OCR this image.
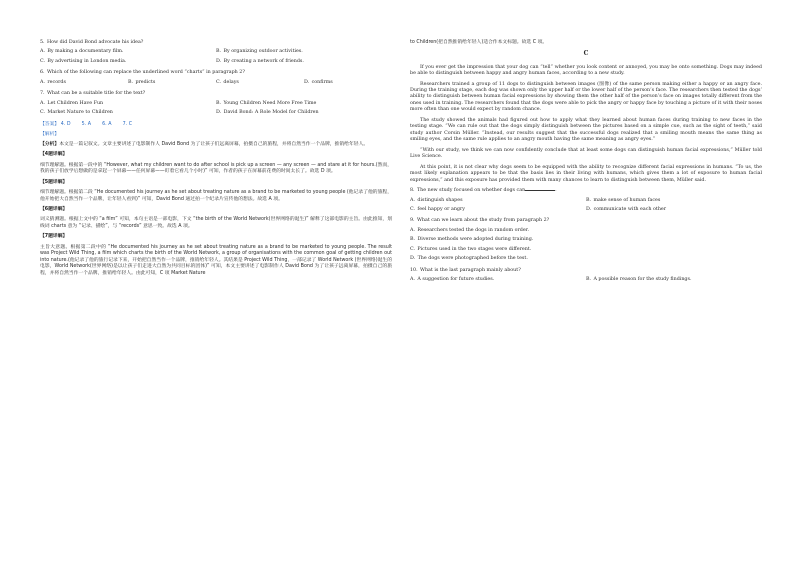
5. How did David Bond advocate his idea?
A. By making a documentary film.	B. By organizing outdoor activities.
C. By advertising in London media.	D. By creating a network of friends.
6. Which of the following can replace the underlined word “charts” in paragraph 2?
A. records	B. predicts	C. delays	D. confirms
7. What can be a suitable title for the text?
A. Let Children Have Fun	B. Young Children Need More Free Time
C. Market Nature to Children	D. David Bond: A Role Model for Children
【答案】 4. D   5. A   6. A   7. C
【解析】
【分析】本文是一篇记叙文。文章主要讲述了电影制作人 David Bond 为了让孩子们远离屏幕，拍摄自己的旅程，并将自然当作一个品牌，推销给年轻人。
【4题详解】
细节理解题。根据第一段中的 “However, what my children want to do after school is pick up a screen — any screen — and stare at it for hours.(然而，我的孩子们放学后想做的是拿起一个屏幕——任何屏幕——盯着它看几个小时)” 可知，作者的孩子在屏幕前花费的时间太长了。故选 D 项。
【5题详解】
细节理解题。根据第二段 “He documented his journey as he set about treating nature as a brand to be marketed to young people (他记录了他的旅程，他开始把大自然当作一个品牌，让年轻人看到)” 可知，David Bond 通过拍一个纪录片宣传他的想法。故选 A 项。
【6题详解】
词义猜测题。根据上文中的 “a film” 可知，本句主语是一部电影，下文 “the birth of the World Network(世界网络的诞生)” 解释了这部电影的主旨。由此推知，划线词 charts 意为 “记录、描绘”，与 “records” 意思一致。故选 A 项。
【7题详解】
主旨大意题。根据第二段中的 “He documented his journey as he set about treating nature as a brand to be marketed to young people. The result was Project Wild Thing, a film which charts the birth of the World Network, a group of organisations with the common goal of getting children out into nature.(他记录了他的旅行记录下来，开始把自然当作一个品牌，推销给年轻人。其结果是 Project Wild Thing，一部记录了 World Network (世界网络)诞生的电影，World Network(世界网络)是以让孩子们走进大自然为共同目标的团体)” 可知，本文主要讲述了电影制作人 David Bond 为了让孩子远离屏幕，拍摄自己的旅程，并将自然当作一个品牌，推销给年轻人。由此可知，C 项 Market Nature
to Children(把自然推销给年轻人)适合作本文标题。故选 C 项。
C
If you ever get the impression that your dog can “tell” whether you look content or annoyed, you may be onto something. Dogs may indeed be able to distinguish between happy and angry human faces, according to a new study.
Researchers trained a group of 11 dogs to distinguish between images (图像) of the same person making either a happy or an angry face. During the training stage, each dog was shown only the upper half or the lower half of the person’s face. The researchers then tested the dogs’ ability to distinguish between human facial expressions by showing them the other half of the person’s face on images totally different from the ones used in training. The researchers found that the dogs were able to pick the angry or happy face by touching a picture of it with their noses more often than one would expect by random chance.
The study showed the animals had figured out how to apply what they learned about human faces during training to new faces in the testing stage. “We can rule out that the dogs simply distinguish between the pictures based on a simple cue, such as the sight of teeth,” said study author Corsin Müller. “Instead, our results suggest that the successful dogs realized that a smiling mouth means the same thing as smiling eyes, and the same rule applies to an angry mouth having the same meaning as angry eyes.”
“With our study, we think we can now confidently conclude that at least some dogs can distinguish human facial expressions,” Müller told Live Science.
At this point, it is not clear why dogs seem to be equipped with the ability to recognize different facial expressions in humans. “To us, the most likely explanation appears to be that the basis lies in their living with humans, which gives them a lot of exposure to human facial expressions,” and this exposure has provided them with many chances to learn to distinguish between them, Müller said.
8. The new study focused on whether dogs can	.
A. distinguish shapes	B. make sense of human faces
C. feel happy or angry	D. communicate with each other
9. What can we learn about the study from paragraph 2?
A. Researchers tested the dogs in random order.
B. Diverse methods were adopted during training.
C. Pictures used in the two stages were different.
D. The dogs were photographed before the test.
10. What is the last paragraph mainly about?
A. A suggestion for future studies.	B. A possible reason for the study findings.
